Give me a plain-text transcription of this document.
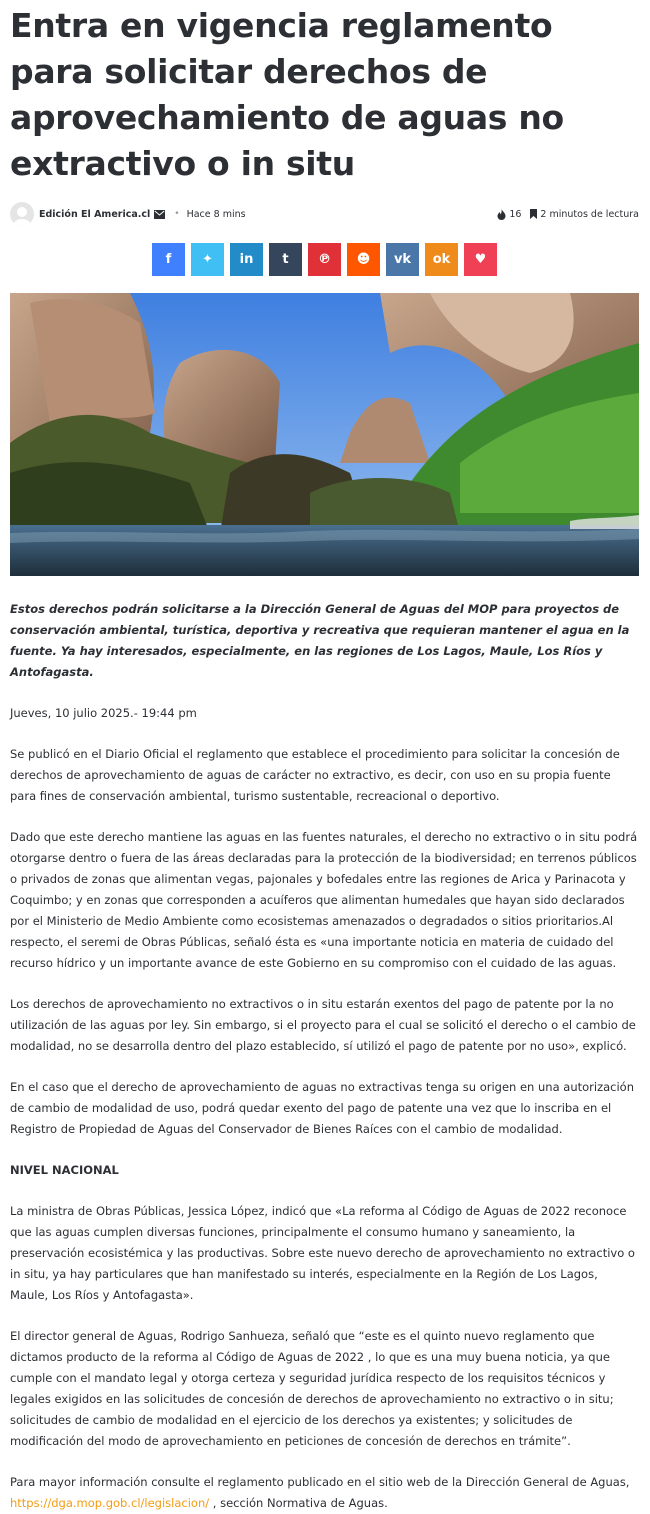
Entra en vigencia reglamento para solicitar derechos de aprovechamiento de aguas no extractivo o in situ
Edición El America.cl	• Hace 8 mins	16 2 minutos de lectura
f ✦ in t ℗ ☻ vk ok ♥

Estos derechos podrán solicitarse a la Dirección General de Aguas del MOP para proyectos de conservación ambiental, turística, deportiva y recreativa que requieran mantener el agua en la fuente. Ya hay interesados, especialmente, en las regiones de Los Lagos, Maule, Los Ríos y Antofagasta.

Jueves, 10 julio 2025.- 19:44 pm

Se publicó en el Diario Oficial el reglamento que establece el procedimiento para solicitar la concesión de derechos de aprovechamiento de aguas de carácter no extractivo, es decir, con uso en su propia fuente para fines de conservación ambiental, turismo sustentable, recreacional o deportivo.

Dado que este derecho mantiene las aguas en las fuentes naturales, el derecho no extractivo o in situ podrá otorgarse dentro o fuera de las áreas declaradas para la protección de la biodiversidad; en terrenos públicos o privados de zonas que alimentan vegas, pajonales y bofedales entre las regiones de Arica y Parinacota y Coquimbo; y en zonas que corresponden a acuíferos que alimentan humedales que hayan sido declarados por el Ministerio de Medio Ambiente como ecosistemas amenazados o degradados o sitios prioritarios.Al respecto, el seremi de Obras Públicas, señaló ésta es «una importante noticia en materia de cuidado del recurso hídrico y un importante avance de este Gobierno en su compromiso con el cuidado de las aguas.

Los derechos de aprovechamiento no extractivos o in situ estarán exentos del pago de patente por la no utilización de las aguas por ley. Sin embargo, si el proyecto para el cual se solicitó el derecho o el cambio de modalidad, no se desarrolla dentro del plazo establecido, sí utilizó el pago de patente por no uso», explicó.

En el caso que el derecho de aprovechamiento de aguas no extractivas tenga su origen en una autorización de cambio de modalidad de uso, podrá quedar exento del pago de patente una vez que lo inscriba en el Registro de Propiedad de Aguas del Conservador de Bienes Raíces con el cambio de modalidad.

NIVEL NACIONAL

La ministra de Obras Públicas, Jessica López, indicó que «La reforma al Código de Aguas de 2022 reconoce que las aguas cumplen diversas funciones, principalmente el consumo humano y saneamiento, la preservación ecosistémica y las productivas. Sobre este nuevo derecho de aprovechamiento no extractivo o in situ, ya hay particulares que han manifestado su interés, especialmente en la Región de Los Lagos, Maule, Los Ríos y Antofagasta».

El director general de Aguas, Rodrigo Sanhueza, señaló que “este es el quinto nuevo reglamento que dictamos producto de la reforma al Código de Aguas de 2022 , lo que es una muy buena noticia, ya que cumple con el mandato legal y otorga certeza y seguridad jurídica respecto de los requisitos técnicos y legales exigidos en las solicitudes de concesión de derechos de aprovechamiento no extractivo o in situ; solicitudes de cambio de modalidad en el ejercicio de los derechos ya existentes; y solicitudes de modificación del modo de aprovechamiento en peticiones de concesión de derechos en trámite”.

Para mayor información consulte el reglamento publicado en el sitio web de la Dirección General de Aguas, https://dga.mop.gob.cl/legislacion/ , sección Normativa de Aguas.
